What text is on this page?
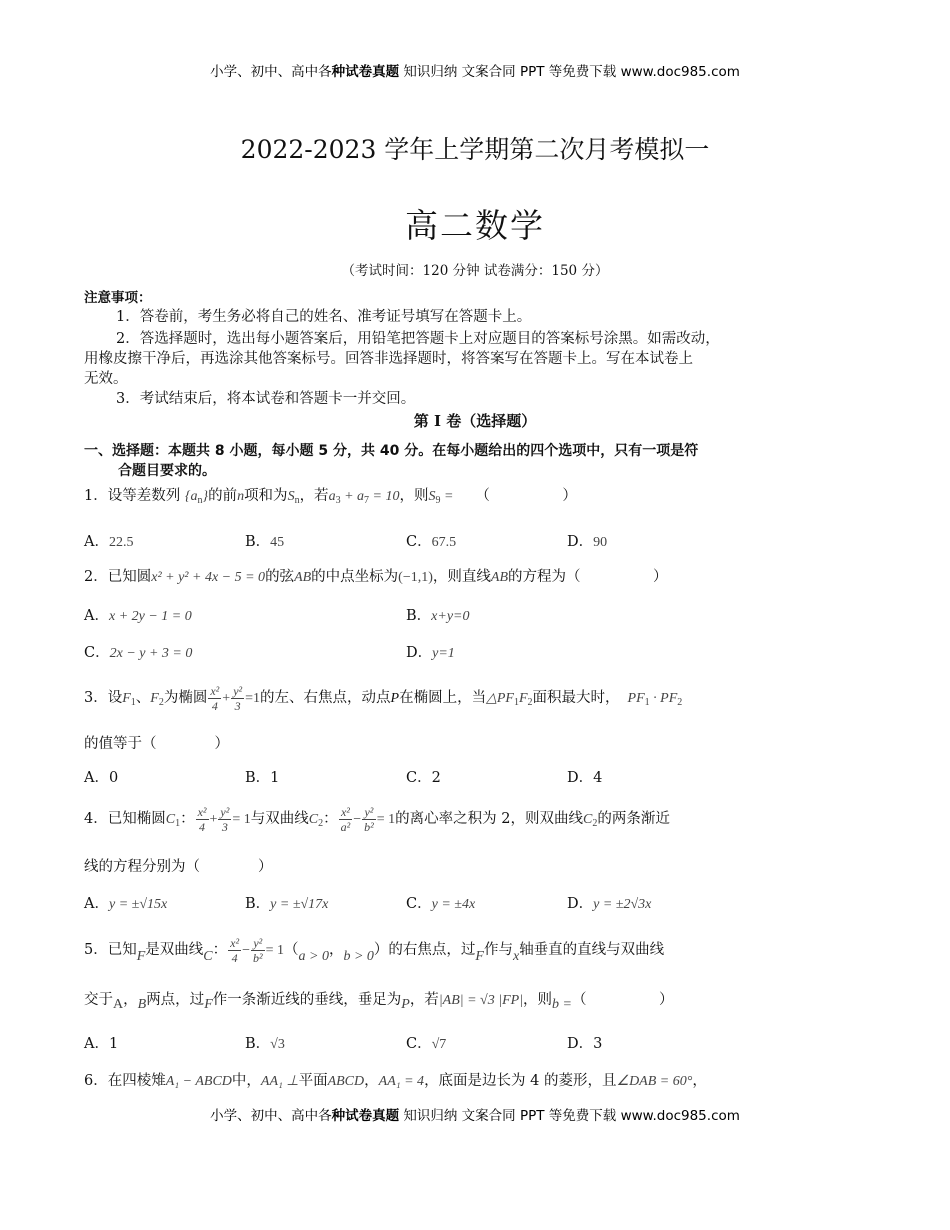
小学、初中、高中各种试卷真题 知识归纳 文案合同 PPT 等免费下载 www.doc985.com
2022-2023 学年上学期第二次月考模拟一
高二数学
（考试时间：120 分钟 试卷满分：150 分）
注意事项：
1．答卷前，考生务必将自己的姓名、准考证号填写在答题卡上。
2．答选择题时，选出每小题答案后，用铅笔把答题卡上对应题目的答案标号涂黑。如需改动，
用橡皮擦干净后，再选涂其他答案标号。回答非选择题时，将答案写在答题卡上。写在本试卷上
无效。
3．考试结束后，将本试卷和答题卡一并交回。
第 I 卷（选择题）
一、选择题：本题共 8 小题，每小题 5 分，共 40 分。在每小题给出的四个选项中，只有一项是符
合题目要求的。
1．设等差数列 $\{a_n\}$的前n项和为$S_n$，若$a_3 + a_7 = 10$，则$S_9$ = （　　　　　）
A．22.5	B．45	C．67.5	D．90
2．已知圆x² + y² + 4x − 5 = 0的弦AB的中点坐标为(−1,1)，则直线AB的方程为（　　　　　）
A．x + 2y − 1 = 0	B．x+y=0
C．2x − y + 3 = 0	D．y=1
3．设$F_1$、$F_2$为椭圆 $\frac{\text{x²}}{4} + \frac{\text{y²}}{3} =1$的左、右焦点，动点P在椭圆上，当$\triangle PF_1F_2$面积最大时， $PF_1 \cdot PF_2$
的值等于（　　　　）
A．0	B．1	C．2	D．4
4．已知椭圆$C_1$： $\frac{\text{x²}}{4} + \frac{\text{y²}}{3} = 1$与双曲线$C_2$： $\frac{\text{x²}}{\text{a²}} - \frac{\text{y²}}{\text{b²}} = 1$的离心率之积为 2，则双曲线$C_2$的两条渐近
线的方程分别为（　　　　）
A．y = ±√15x	B．y = ±√17x	C．y = ±4x	D．y = ±2√3x
5．已知F是双曲线C： $\frac{\text{x²}}{4} - \frac{\text{y²}}{\text{b²}} = 1(a > 0$，b > 0）的右焦点，过F作与x轴垂直的直线与双曲线
交于A，B两点，过F作一条渐近线的垂线，垂足为P，若|AB| = √3 |FP|，则b =（　　　　　）
A．1	B．√3	C．√7	D．3
6．在四棱雉A₁ − ABCD中，AA₁ ⊥平面ABCD，AA₁ = 4，底面是边长为 4 的菱形，且∠DAB = 60°，
小学、初中、高中各种试卷真题 知识归纳 文案合同 PPT 等免费下载 www.doc985.com
